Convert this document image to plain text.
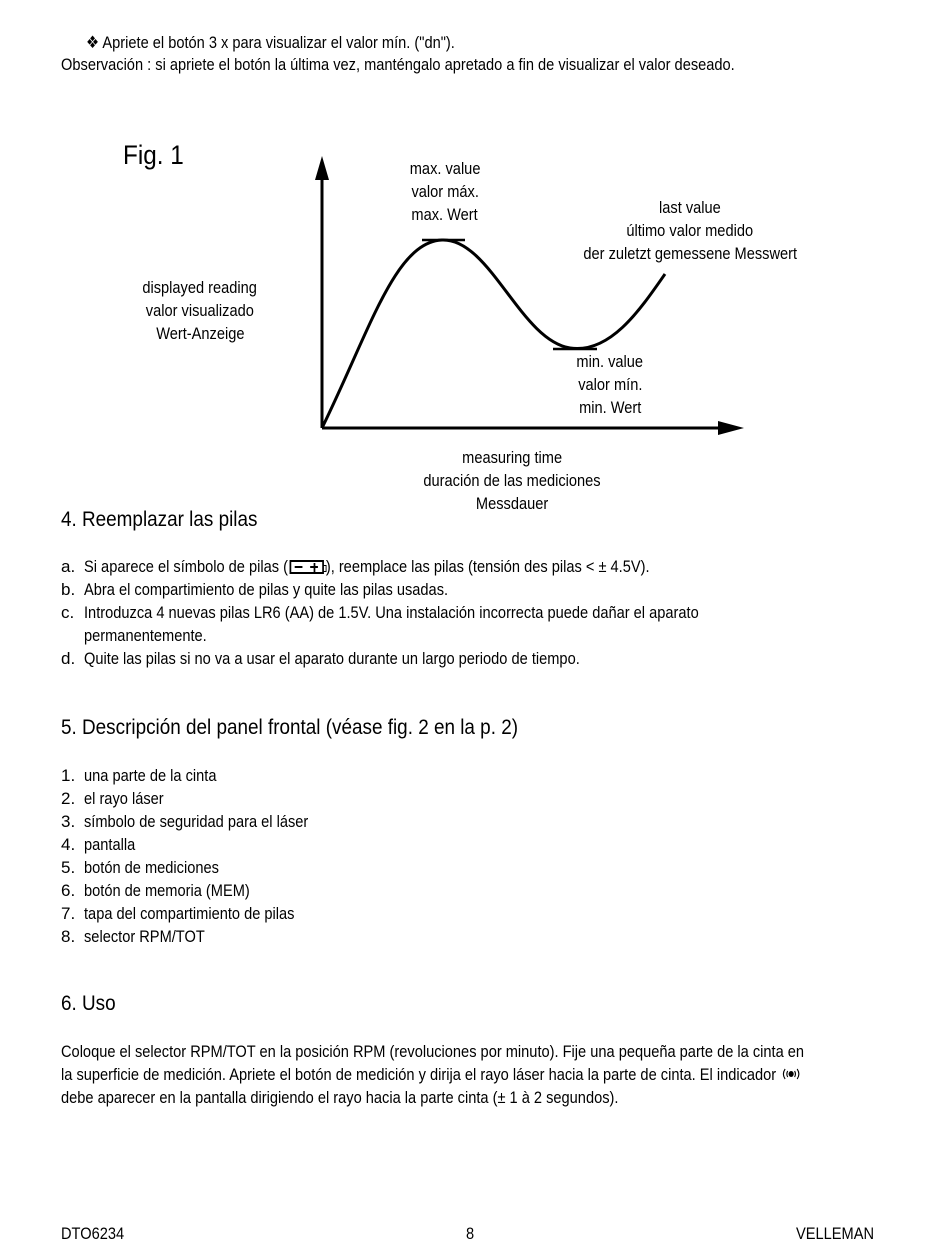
❖ Apriete el botón 3 x para visualizar el valor mín. ("dn").
Observación : si apriete el botón la última vez, manténgalo apretado a fin de visualizar el valor deseado.
Fig. 1	max. value
valor máx.
max. Wert	last value
último valor medido
der zuletzt gemessene Messwert
displayed reading
valor visualizado
Wert-Anzeige
min. value
valor mín.
min. Wert
measuring time
duración de las mediciones
Messdauer
4. Reemplazar las pilas
a. Si aparece el símbolo de pilas ( ), reemplace las pilas (tensión des pilas < ± 4.5V).
b. Abra el compartimiento de pilas y quite las pilas usadas.
c. Introduzca 4 nuevas pilas LR6 (AA) de 1.5V. Una instalación incorrecta puede dañar el aparato
permanentemente.
d. Quite las pilas si no va a usar el aparato durante un largo periodo de tiempo.
5. Descripción del panel frontal (véase fig. 2 en la p. 2)
1. una parte de la cinta
2. el rayo láser
3. símbolo de seguridad para el láser
4. pantalla
5. botón de mediciones
6. botón de memoria (MEM)
7. tapa del compartimiento de pilas
8. selector RPM/TOT
6. Uso
Coloque el selector RPM/TOT en la posición RPM (revoluciones por minuto). Fije una pequeña parte de la cinta en
la superficie de medición. Apriete el botón de medición y dirija el rayo láser hacia la parte de cinta. El indicador
debe aparecer en la pantalla dirigiendo el rayo hacia la parte cinta (± 1 à 2 segundos).
DTO6234	8	VELLEMAN
